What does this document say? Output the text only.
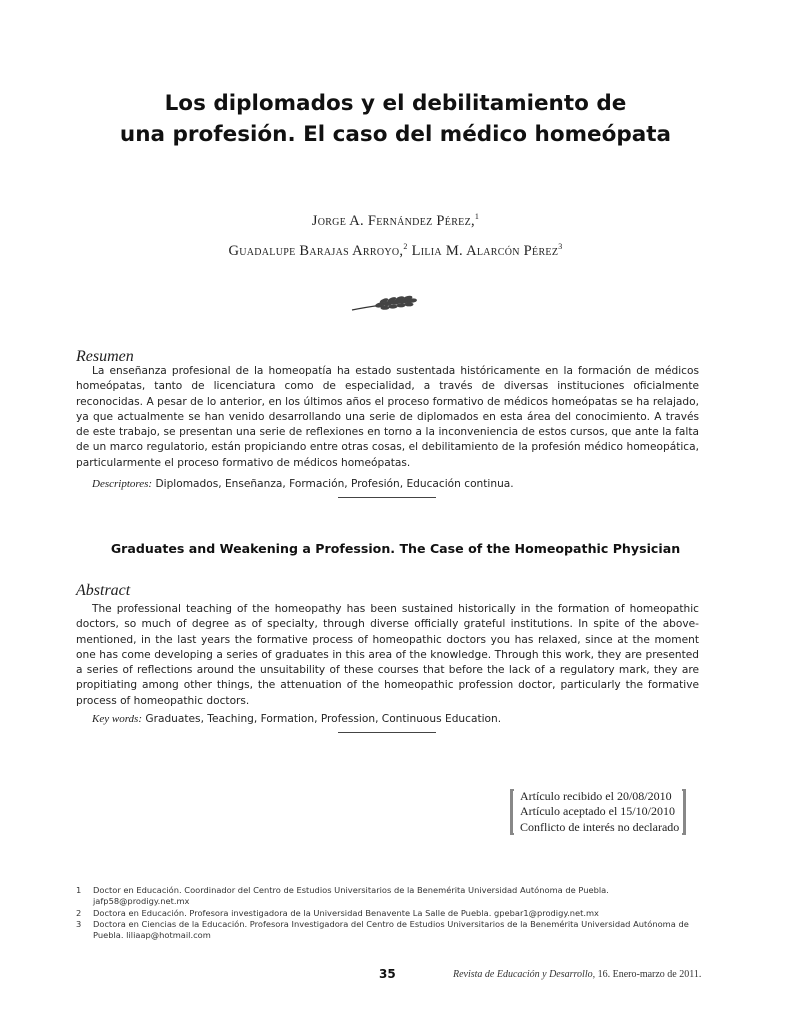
Los diplomados y el debilitamiento de
una profesión. El caso del médico homeópata
Jorge A. Fernández Pérez,$^1$
Guadalupe Barajas Arroyo,$^2$ Lilia M. Alarcón Pérez$^3$
Resumen
La enseñanza profesional de la homeopatía ha estado sustentada históricamente en la formación de médicos homeópatas, tanto de licenciatura como de especialidad, a través de diversas instituciones oficialmente reconocidas. A pesar de lo anterior, en los últimos años el proceso formativo de médicos homeópatas se ha relajado, ya que actualmente se han venido desarrollando una serie de diplomados en esta área del conocimiento. A través de este trabajo, se presentan una serie de reflexiones en torno a la inconveniencia de estos cursos, que ante la falta de un marco regulatorio, están propiciando entre otras cosas, el debilitamiento de la profesión médico homeopática, particularmente el proceso formativo de médicos homeópatas.
Descriptores: Diplomados, Enseñanza, Formación, Profesión, Educación continua.
Graduates and Weakening a Profession. The Case of the Homeopathic Physician
Abstract
The professional teaching of the homeopathy has been sustained historically in the formation of homeopathic doctors, so much of degree as of specialty, through diverse officially grateful institutions. In spite of the above-mentioned, in the last years the formative process of homeopathic doctors you has relaxed, since at the moment one has come developing a series of graduates in this area of the knowledge. Through this work, they are presented a series of reflections around the unsuitability of these courses that before the lack of a regulatory mark, they are propitiating among other things, the attenuation of the homeopathic profession doctor, particularly the formative process of homeopathic doctors.
Key words: Graduates, Teaching, Formation, Profession, Continuous Education.
Artículo recibido el 20/08/2010
Artículo aceptado el 15/10/2010
Conflicto de interés no declarado
1	Doctor en Educación. Coordinador del Centro de Estudios Universitarios de la Benemérita Universidad Autónoma de Puebla. jafp58@prodigy.net.mx
2	Doctora en Educación. Profesora investigadora de la Universidad Benavente La Salle de Puebla. gpebar1@prodigy.net.mx
3	Doctora en Ciencias de la Educación. Profesora Investigadora del Centro de Estudios Universitarios de la Benemérita Universidad Autónoma de Puebla. liliaap@hotmail.com
35	Revista de Educación y Desarrollo, 16. Enero-marzo de 2011.
